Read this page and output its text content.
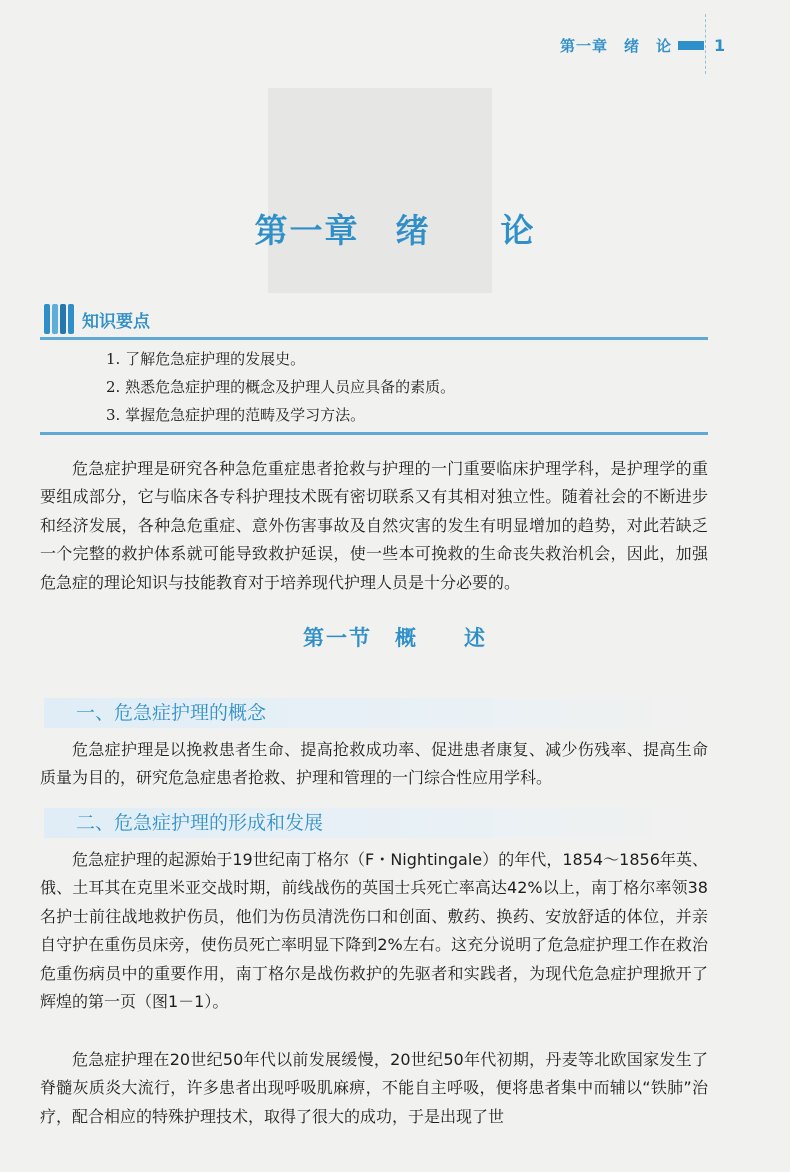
第一章　绪　论	1
第一章 绪 论
知识要点
1. 了解危急症护理的发展史。
2. 熟悉危急症护理的概念及护理人员应具备的素质。
3. 掌握危急症护理的范畴及学习方法。

危急症护理是研究各种急危重症患者抢救与护理的一门重要临床护理学科，是护理学的重要组成部分，它与临床各专科护理技术既有密切联系又有其相对独立性。随着社会的不断进步和经济发展，各种急危重症、意外伤害事故及自然灾害的发生有明显增加的趋势，对此若缺乏一个完整的救护体系就可能导致救护延误，使一些本可挽救的生命丧失救治机会，因此，加强危急症的理论知识与技能教育对于培养现代护理人员是十分必要的。

第一节　概　　述
一、危急症护理的概念

危急症护理是以挽救患者生命、提高抢救成功率、促进患者康复、减少伤残率、提高生命质量为目的，研究危急症患者抢救、护理和管理的一门综合性应用学科。

二、危急症护理的形成和发展

危急症护理的起源始于19世纪南丁格尔（F・Nightingale）的年代，1854～1856年英、俄、土耳其在克里米亚交战时期，前线战伤的英国士兵死亡率高达42%以上，南丁格尔率领38名护士前往战地救护伤员，他们为伤员清洗伤口和创面、敷药、换药、安放舒适的体位，并亲自守护在重伤员床旁，使伤员死亡率明显下降到2%左右。这充分说明了危急症护理工作在救治危重伤病员中的重要作用，南丁格尔是战伤救护的先驱者和实践者，为现代危急症护理掀开了辉煌的第一页（图1－1）。

危急症护理在20世纪50年代以前发展缓慢，20世纪50年代初期，丹麦等北欧国家发生了脊髓灰质炎大流行，许多患者出现呼吸肌麻痹，不能自主呼吸，便将患者集中而辅以“铁肺”治疗，配合相应的特殊护理技术，取得了很大的成功，于是出现了世
